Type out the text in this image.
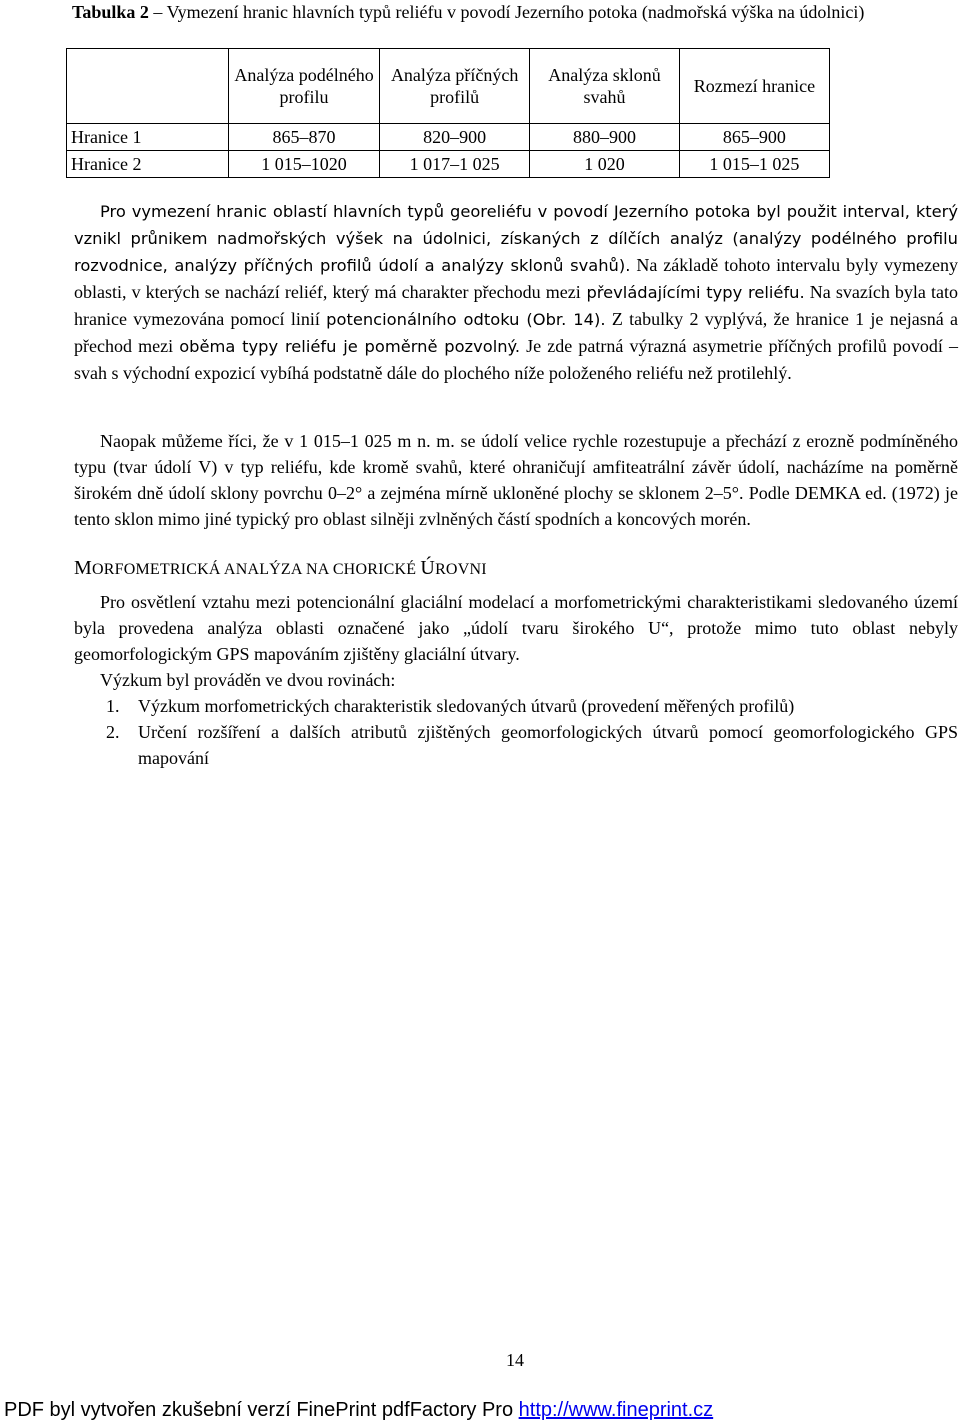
Tabulka 2 – Vymezení hranic hlavních typů reliéfu v povodí Jezerního potoka (nadmořská výška na údolnici)
	Analýza podélného profilu	Analýza příčných profilů	Analýza sklonů svahů	Rozmezí hranice
Hranice 1	865–870	820–900	880–900	865–900
Hranice 2	1 015–1020	1 017–1 025	1 020	1 015–1 025
Pro vymezení hranic oblastí hlavních typů georeliéfu v povodí Jezerního potoka byl použit interval, který vznikl průnikem nadmořských výšek na údolnici, získaných z dílčích analýz (analýzy podélného profilu rozvodnice, analýzy příčných profilů údolí a analýzy sklonů svahů). Na základě tohoto intervalu byly vymezeny oblasti, v kterých se nachází reliéf, který má charakter přechodu mezi převládajícími typy reliéfu. Na svazích byla tato hranice vymezována pomocí linií potencionálního odtoku (Obr. 14). Z tabulky 2 vyplývá, že hranice 1 je nejasná a přechod mezi oběma typy reliéfu je poměrně pozvolný. Je zde patrná výrazná asymetrie příčných profilů povodí – svah s východní expozicí vybíhá podstatně dále do plochého níže položeného reliéfu než protilehlý.
Naopak můžeme říci, že v 1 015–1 025 m n. m. se údolí velice rychle rozestupuje a přechází z erozně podmíněného typu (tvar údolí V) v typ reliéfu, kde kromě svahů, které ohraničují amfiteatrální závěr údolí, nacházíme na poměrně širokém dně údolí sklony povrchu 0–2° a zejména mírně ukloněné plochy se sklonem 2–5°. Podle DEMKA ed. (1972) je tento sklon mimo jiné typický pro oblast silněji zvlněných částí spodních a koncových morén.
MORFOMETRICKÁ ANALÝZA NA CHORICKÉ ÚROVNI
Pro osvětlení vztahu mezi potencionální glaciální modelací a morfometrickými charakteristikami sledovaného území byla provedena analýza oblasti označené jako „údolí tvaru širokého U“, protože mimo tuto oblast nebyly geomorfologickým GPS mapováním zjištěny glaciální útvary.
Výzkum byl prováděn ve dvou rovinách:
1. Výzkum morfometrických charakteristik sledovaných útvarů (provedení měřených profilů)
2. Určení rozšíření a dalších atributů zjištěných geomorfologických útvarů pomocí geomorfologického GPS mapování
14
PDF byl vytvořen zkušební verzí FinePrint pdfFactory Pro http://www.fineprint.cz
